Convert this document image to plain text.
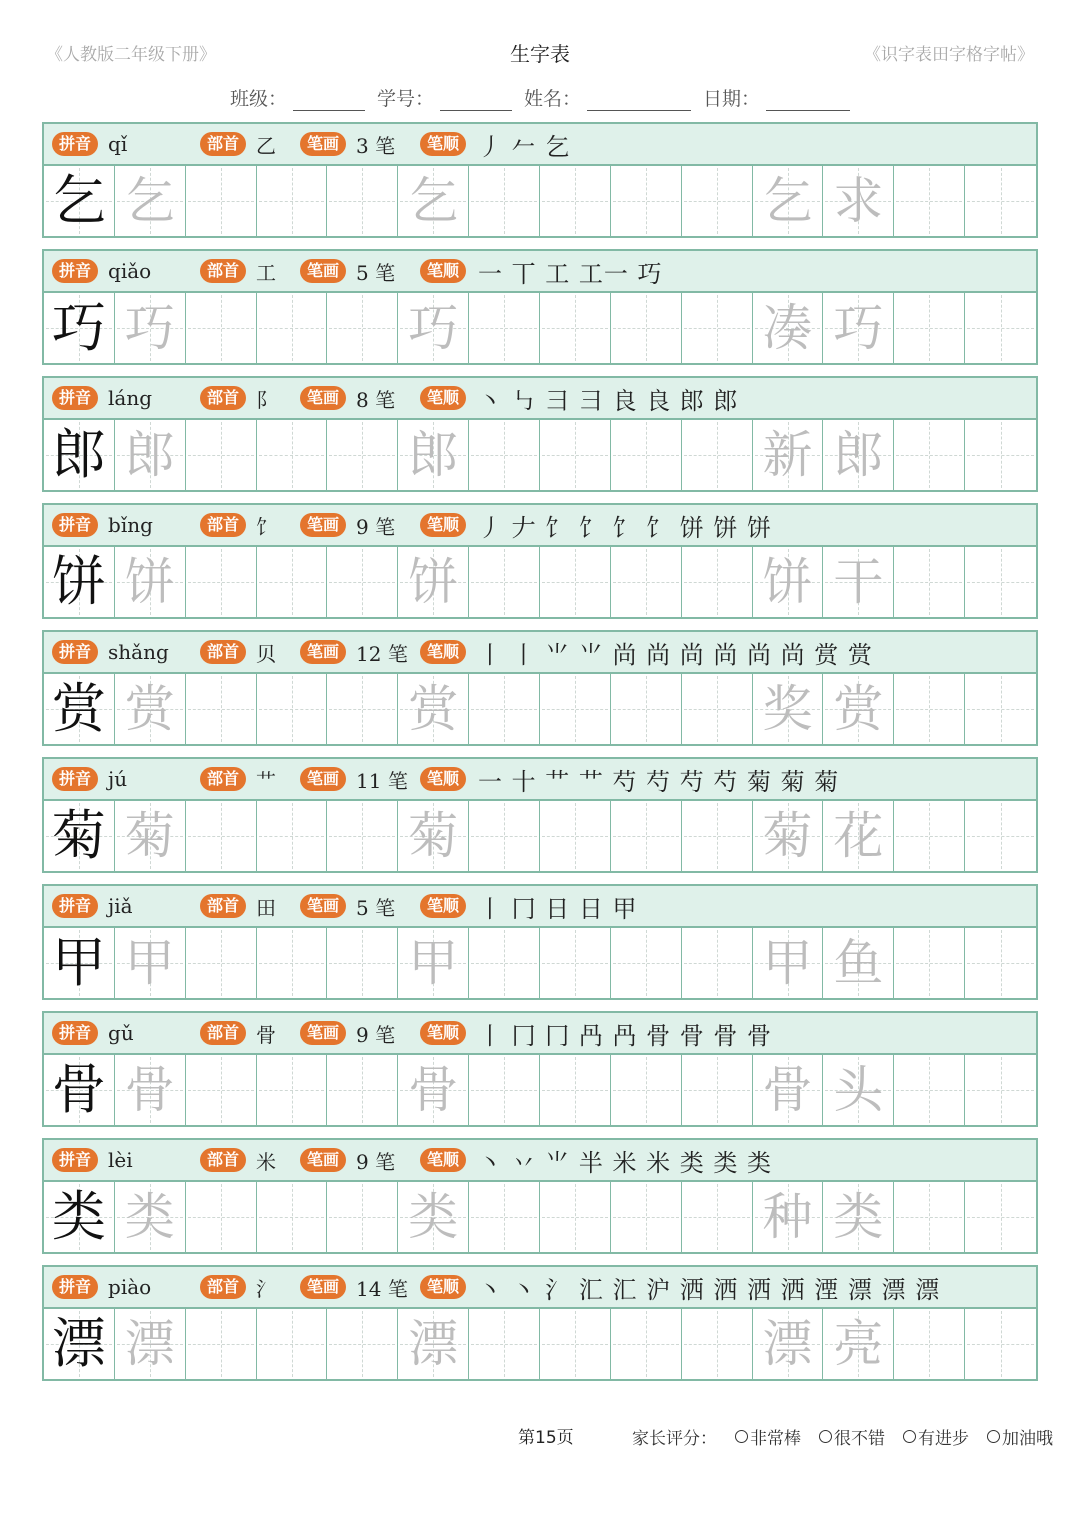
《人教版二年级下册》	生字表	《识字表田字格字帖》
班级：	学号：	姓名：	日期：
拼音 qǐ	部首 乙	笔画 3 笔	笔顺 丿 𠂉 乞
乞 乞	乞	乞 求
拼音 qiǎo	部首 工	笔画 5 笔	笔顺 一 丅 工 工一 巧
巧 巧	巧	凑 巧
拼音 láng	部首 阝	笔画 8 笔	笔顺 丶 ㇉ 彐 彐 良 良 郎 郎
郎 郎	郎	新 郎
拼音 bǐng	部首 饣	笔画 9 笔	笔顺 丿 𠂇 饣 饣 饣 饣 饼 饼 饼
饼 饼	饼	饼 干
拼音 shǎng	部首 贝	笔画 12 笔	笔顺 丨 丨 ⺌ ⺌ 尚 尚 尚 尚 尚 尚 赏 赏
赏 赏	赏	奖 赏
拼音 jú	部首 艹	笔画 11 笔	笔顺 一 十 艹 艹 芍 芍 芍 芍 菊 菊 菊
菊 菊	菊	菊 花
拼音 jiǎ	部首 田	笔画 5 笔	笔顺 丨 冂 日 日 甲
甲 甲	甲	甲 鱼
拼音 gǔ	部首 骨	笔画 9 笔	笔顺 丨 冂 冂 冎 冎 骨 骨 骨 骨
骨 骨	骨	骨 头
拼音 lèi	部首 米	笔画 9 笔	笔顺 丶 丷 ⺌ 半 米 米 类 类 类
类 类	类	种 类
拼音 piào	部首 氵	笔画 14 笔	笔顺 丶 丶 氵 汇 汇 沪 洒 洒 洒 洒 湮 漂 漂 漂
漂 漂	漂	漂 亮
第15页	家长评分： 非常棒 很不错 有进步 加油哦
